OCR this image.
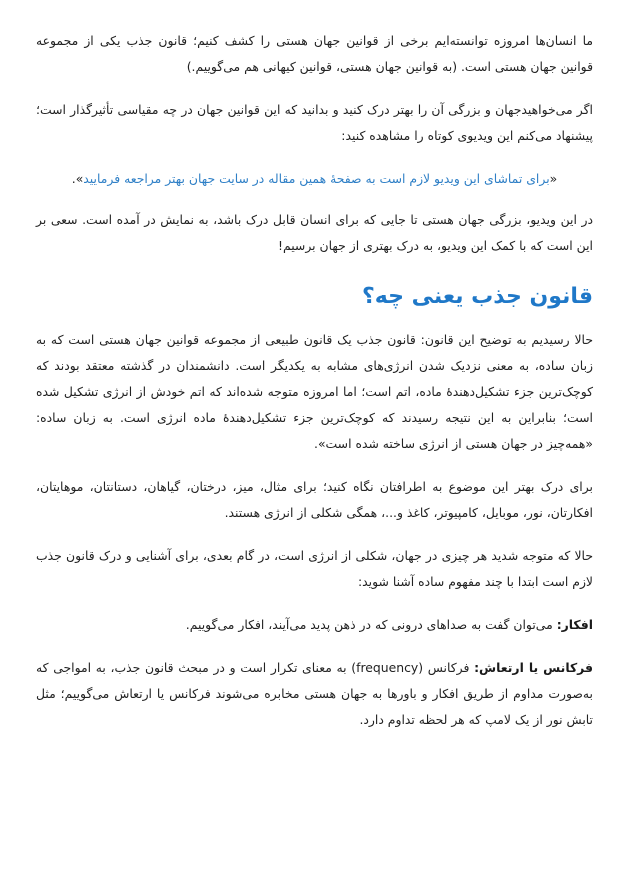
ما انسان‌ها امروزه توانسته‌ایم برخی از قوانین جهان هستی را کشف کنیم؛ قانون جذب یکی از مجموعه قوانین جهان هستی است. (به قوانین جهان هستی، قوانین کیهانی هم می‌گوییم.)

اگر می‌خواهیدجهان و بزرگی آن را بهتر درک کنید و بدانید که این قوانین جهان در چه مقیاسی تأثیرگذار است؛ پیشنهاد می‌کنم این ویدیوی کوتاه را مشاهده کنید:

«برای تماشای این ویدیو لازم است به صفحهٔ همین مقاله در سایت جهان بهتر مراجعه فرمایید».

در این ویدیو، بزرگی جهان هستی تا جایی که برای انسان قابل درک باشد، به نمایش در آمده است. سعی بر این است که با کمک این ویدیو، به درک بهتری از جهان برسیم!

قانون جذب یعنی چه؟

حالا رسیدیم به توضیح این قانون: قانون جذب یک قانون طبیعی از مجموعه قوانین جهان هستی است که به زبان ساده، به معنی نزدیک شدن انرژی‌های مشابه به یکدیگر است. دانشمندان در گذشته معتقد بودند که کوچک‌ترین جزء تشکیل‌دهندهٔ ماده، اتم است؛ اما امروزه متوجه شده‌اند که اتم خودش از انرژی تشکیل شده است؛ بنابراین به این نتیجه رسیدند که کوچک‌ترین جزء تشکیل‌دهندهٔ ماده انرژی است. به زبان ساده: «همه‌چیز در جهان هستی از انرژی ساخته شده است».

برای درک بهتر این موضوع به اطرافتان نگاه کنید؛ برای مثال، میز، درختان، گیاهان، دستانتان، موهایتان، افکارتان، نور، موبایل، کامپیوتر، کاغذ و...، همگی شکلی از انرژی هستند.

حالا که متوجه شدید هر چیزی در جهان، شکلی از انرژی است، در گام بعدی، برای آشنایی و درک قانون جذب لازم است ابتدا با چند مفهوم ساده آشنا شوید:

افکار: می‌توان گفت به صداهای درونی که در ذهن پدید می‌آیند، افکار می‌گوییم.

فرکانس یا ارتعاش: فرکانس (frequency) به معنای تکرار است و در مبحث قانون جذب، به امواجی که به‌صورت مداوم از طریق افکار و باورها به جهان هستی مخابره می‌شوند فرکانس یا ارتعاش می‌گوییم؛ مثل تابش نور از یک لامپ که هر لحظه تداوم دارد.
